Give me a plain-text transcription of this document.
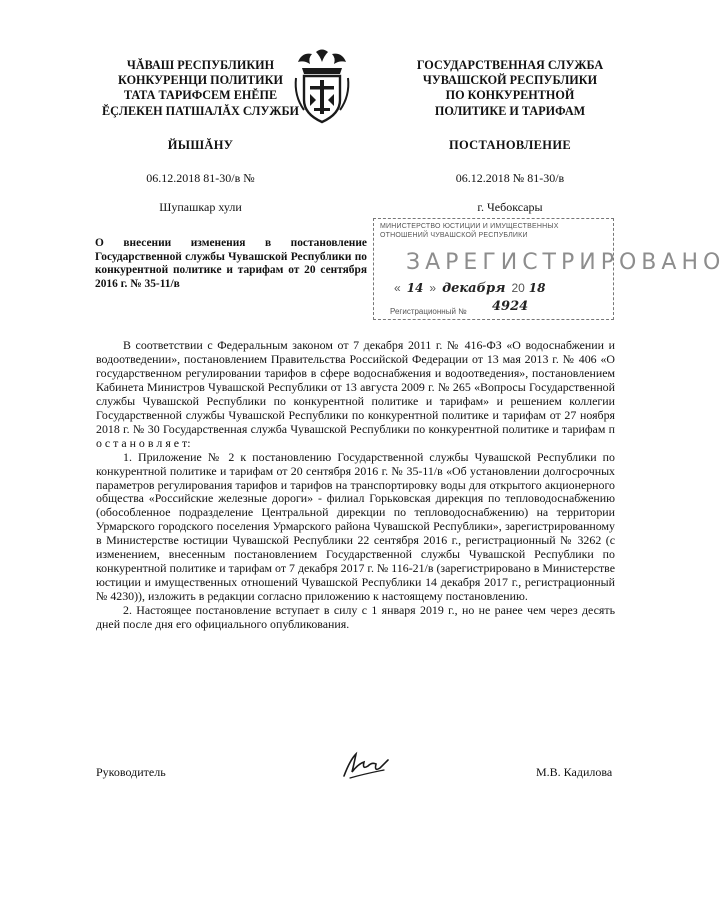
ЧĂВАШ РЕСПУБЛИКИН
КОНКУРЕНЦИ ПОЛИТИКИ
ТАТА ТАРИФСЕМ ЕНĔПЕ
ĔÇЛЕКЕН ПАТШАЛĂХ СЛУЖБИ
ЙЫШĂНУ
06.12.2018 81-30/в №
Шупашкар хули
ГОСУДАРСТВЕННАЯ СЛУЖБА
ЧУВАШСКОЙ РЕСПУБЛИКИ
ПО КОНКУРЕНТНОЙ
ПОЛИТИКЕ И ТАРИФАМ
ПОСТАНОВЛЕНИЕ
06.12.2018 № 81-30/в
г. Чебоксары
О внесении изменения в постановление Государственной службы Чувашской Республики по конкурентной политике и тарифам от 20 сентября 2016 г. № 35-11/в
МИНИСТЕРСТВО ЮСТИЦИИ И ИМУЩЕСТВЕННЫХ
ОТНОШЕНИЙ ЧУВАШСКОЙ РЕСПУБЛИКИ
ЗАРЕГИСТРИРОВАНО
« 14 » декабря 20 18
Регистрационный № 4924

В соответствии с Федеральным законом от 7 декабря 2011 г. № 416-ФЗ «О водоснабжении и водоотведении», постановлением Правительства Российской Федерации от 13 мая 2013 г. № 406 «О государственном регулировании тарифов в сфере водоснабжения и водоотведения», постановлением Кабинета Министров Чувашской Республики от 13 августа 2009 г. № 265 «Вопросы Государственной службы Чувашской Республики по конкурентной политике и тарифам» и решением коллегии Государственной службы Чувашской Республики по конкурентной политике и тарифам от 27 ноября 2018 г. № 30 Государственная служба Чувашской Республики по конкурентной политике и тарифам п о с т а н о в л я е т:

1. Приложение № 2 к постановлению Государственной службы Чувашской Республики по конкурентной политике и тарифам от 20 сентября 2016 г. № 35-11/в «Об установлении долгосрочных параметров регулирования тарифов и тарифов на транспортировку воды для открытого акционерного общества «Российские железные дороги» - филиал Горьковская дирекция по тепловодоснабжению (обособленное подразделение Центральной дирекции по тепловодоснабжению) на территории Урмарского городского поселения Урмарского района Чувашской Республики», зарегистрированному в Министерстве юстиции Чувашской Республики 22 сентября 2016 г., регистрационный № 3262 (с изменением, внесенным постановлением Государственной службы Чувашской Республики по конкурентной политике и тарифам от 7 декабря 2017 г. № 116-21/в (зарегистрировано в Министерстве юстиции и имущественных отношений Чувашской Республики 14 декабря 2017 г., регистрационный № 4230)), изложить в редакции согласно приложению к настоящему постановлению.

2. Настоящее постановление вступает в силу с 1 января 2019 г., но не ранее чем через десять дней после дня его официального опубликования.

Руководитель	М.В. Кадилова
